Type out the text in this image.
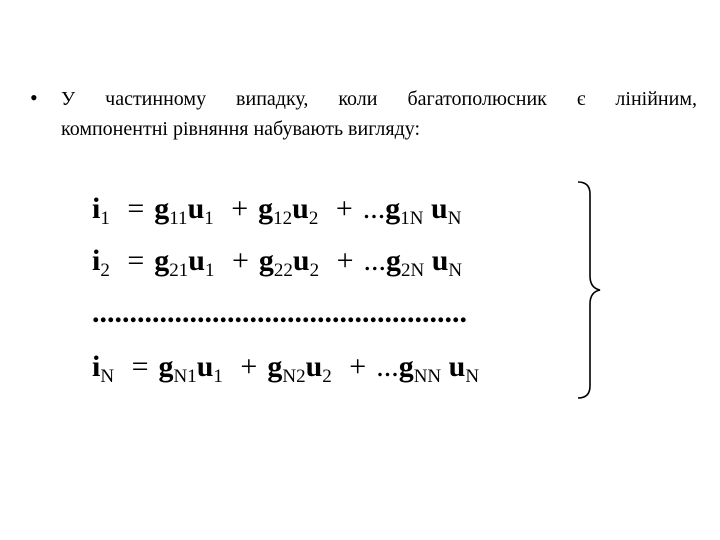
• У частинному випадку, коли багатополюсник є лінійним,
компонентні рівняння набувають вигляду:
$i_1 = g_{11}u_1 + g_{12}u_2 + ...g_{1N}$ $u_N$
$i_2 = g_{21}u_1 + g_{22}u_2 + ...g_{2N}$ $u_N$
..................................................
$i_N = g_{N1}u_1 + g_{N2}u_2 + ...g_{NN}$ $u_N$
